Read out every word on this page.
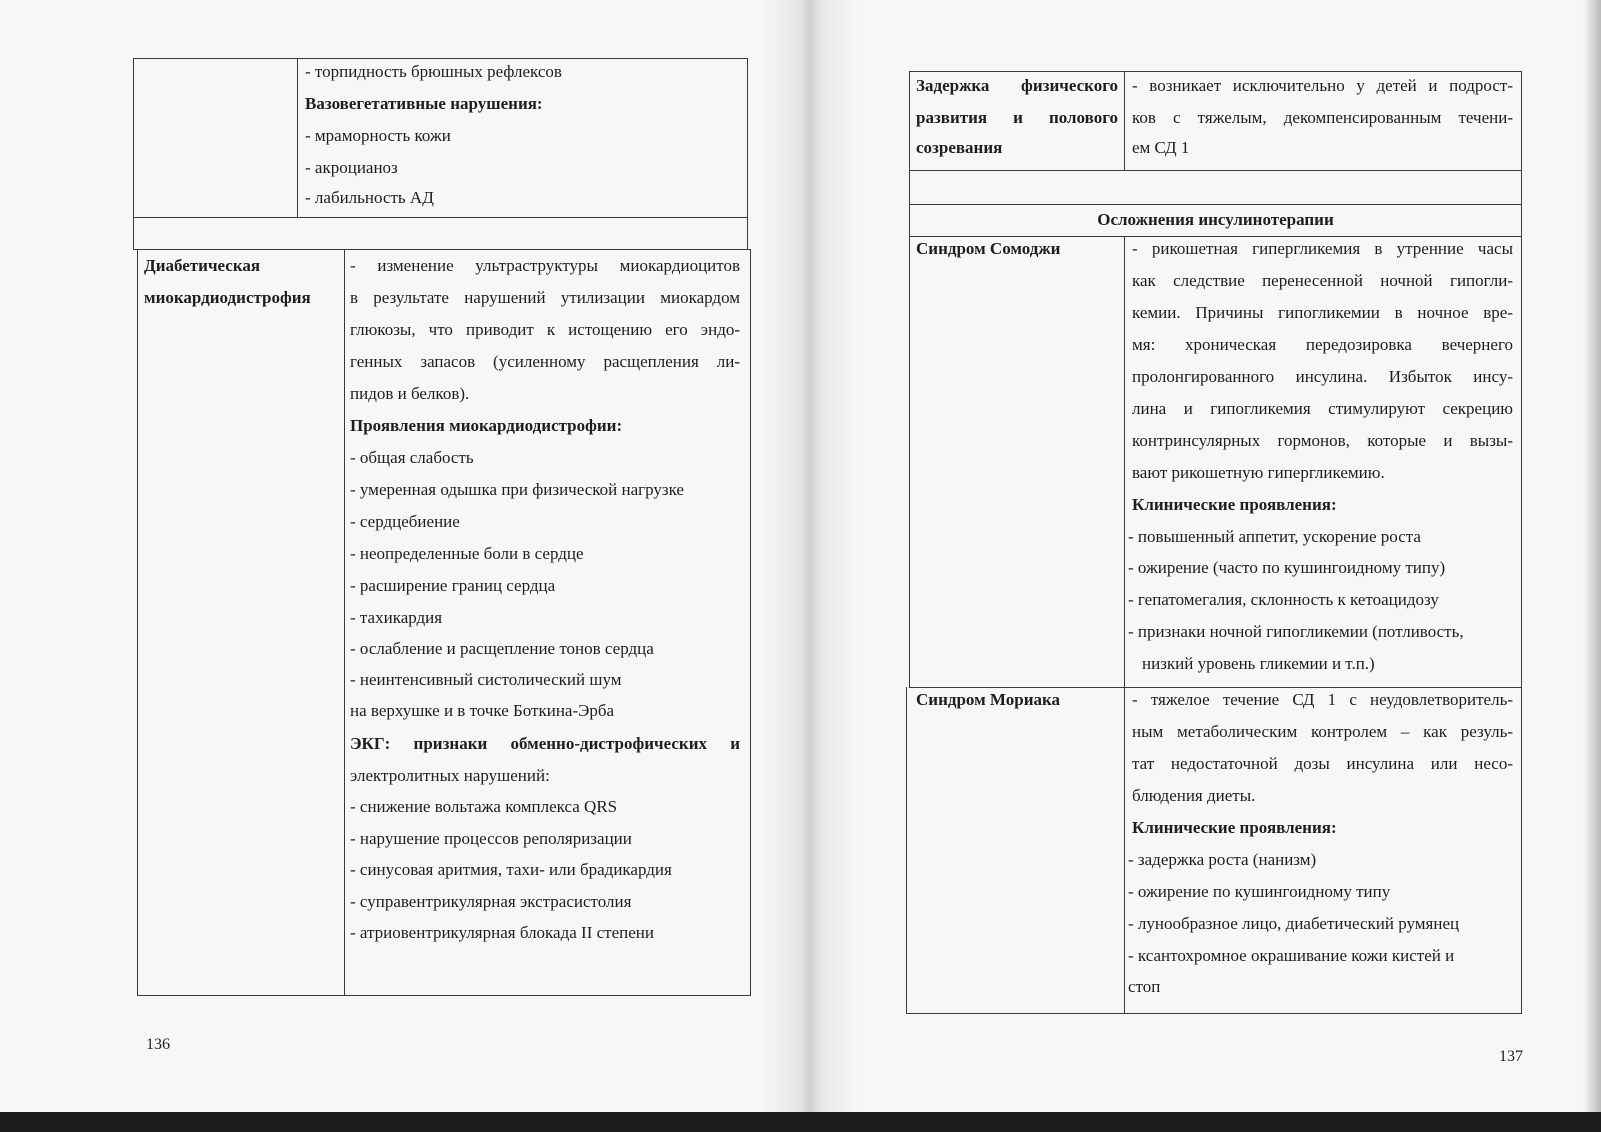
- торпидность брюшных рефлексов
Вазовегетативные нарушения:
- мраморность кожи
- акроцианоз
- лабильность АД
Диабетическая
миокардиодистрофия
- изменение ультраструктуры миокардиоцитов
в результате нарушений утилизации миокардом
глюкозы, что приводит к истощению его эндо-
генных запасов (усиленному расщепления ли-
пидов и белков).
Проявления миокардиодистрофии:
- общая слабость
- умеренная одышка при физической нагрузке
- сердцебиение
- неопределенные боли в сердце
- расширение границ сердца
- тахикардия
- ослабление и расщепление тонов сердца
- неинтенсивный систолический шум
на верхушке и в точке Боткина-Эрба
ЭКГ: признаки обменно-дистрофических и
электролитных нарушений:
- снижение вольтажа комплекса QRS
- нарушение процессов реполяризации
- синусовая аритмия, тахи- или брадикардия
- суправентрикулярная экстрасистолия
- атриовентрикулярная блокада II степени
136
Задержка физического
развития и полового
созревания
- возникает исключительно у детей и подрост-
ков с тяжелым, декомпенсированным течени-
ем СД 1
Осложнения инсулинотерапии
Синдром Сомоджи	- рикошетная гипергликемия в утренние часы
как следствие перенесенной ночной гипогли-
кемии. Причины гипогликемии в ночное вре-
мя: хроническая передозировка вечернего
пролонгированного инсулина. Избыток инсу-
лина и гипогликемия стимулируют секрецию
контринсулярных гормонов, которые и вызы-
вают рикошетную гипергликемию.
Клинические проявления:
- повышенный аппетит, ускорение роста
- ожирение (часто по кушингоидному типу)
- гепатомегалия, склонность к кетоацидозу
- признаки ночной гипогликемии (потливость,
низкий уровень гликемии и т.п.)
Синдром Мориака	- тяжелое течение СД 1 с неудовлетворитель-
ным метаболическим контролем – как резуль-
тат недостаточной дозы инсулина или несо-
блюдения диеты.
Клинические проявления:
- задержка роста (нанизм)
- ожирение по кушингоидному типу
- лунообразное лицо, диабетический румянец
- ксантохромное окрашивание кожи кистей и
стоп
137
